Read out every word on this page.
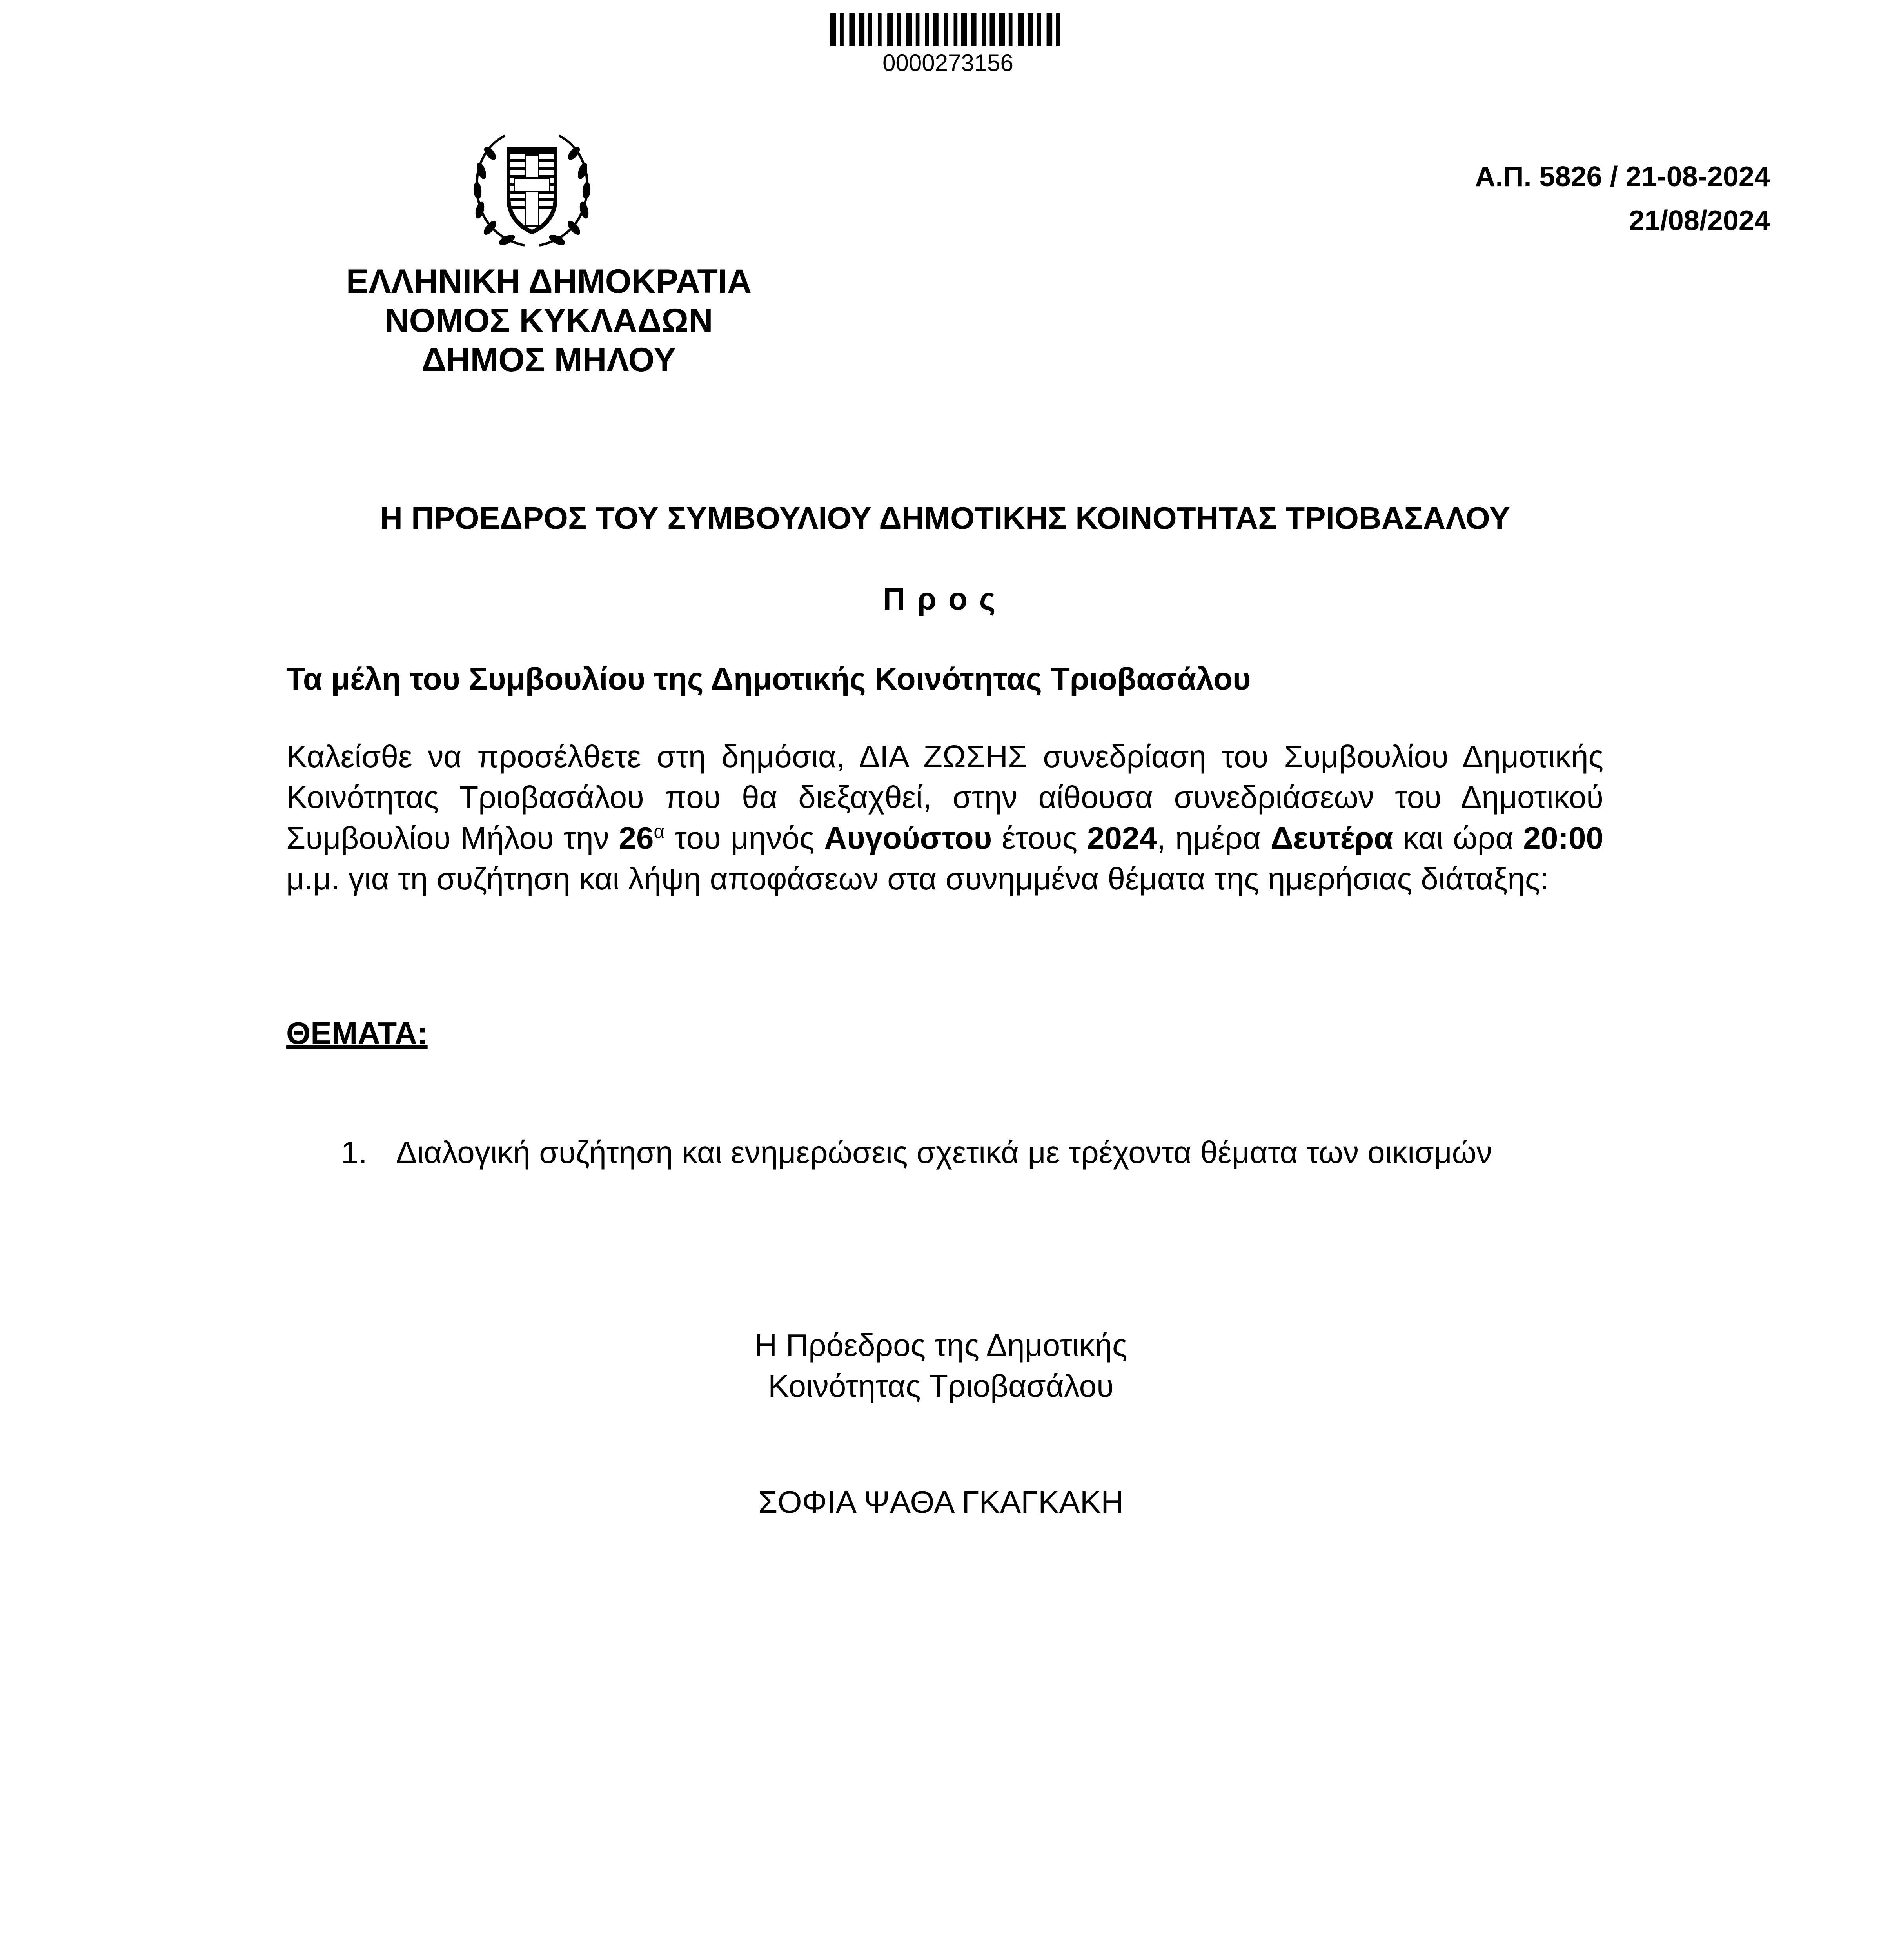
0000273156
ΕΛΛΗΝΙΚΗ ΔΗΜΟΚΡΑΤΙΑ
ΝΟΜΟΣ ΚΥΚΛΑΔΩΝ
ΔΗΜΟΣ ΜΗΛΟΥ
Α.Π. 5826 / 21-08-2024
21/08/2024
Η ΠΡΟΕΔΡΟΣ ΤΟΥ ΣΥΜΒΟΥΛΙΟΥ ΔΗΜΟΤΙΚΗΣ ΚΟΙΝΟΤΗΤΑΣ ΤΡΙΟΒΑΣΑΛΟΥ
Προς
Τα μέλη του Συμβουλίου της Δημοτικής Κοινότητας Τριοβασάλου
Καλείσθε να προσέλθετε στη δημόσια, ΔΙΑ ΖΩΣΗΣ συνεδρίαση του Συμβουλίου Δημοτικής Κοινότητας Τριοβασάλου που θα διεξαχθεί, στην αίθουσα συνεδριάσεων του Δημοτικού Συμβουλίου Μήλου την $26^\alpha$ του μηνός Αυγούστου έτους 2024, ημέρα Δευτέρα και ώρα 20:00 μ.μ. για τη συζήτηση και λήψη αποφάσεων στα συνημμένα θέματα της ημερήσιας διάταξης:
ΘΕΜΑΤΑ:
1. Διαλογική συζήτηση και ενημερώσεις σχετικά με τρέχοντα θέματα των οικισμών
Η Πρόεδρος της Δημοτικής
Κοινότητας Τριοβασάλου
ΣΟΦΙΑ ΨΑΘΑ ΓΚΑΓΚΑΚΗ
